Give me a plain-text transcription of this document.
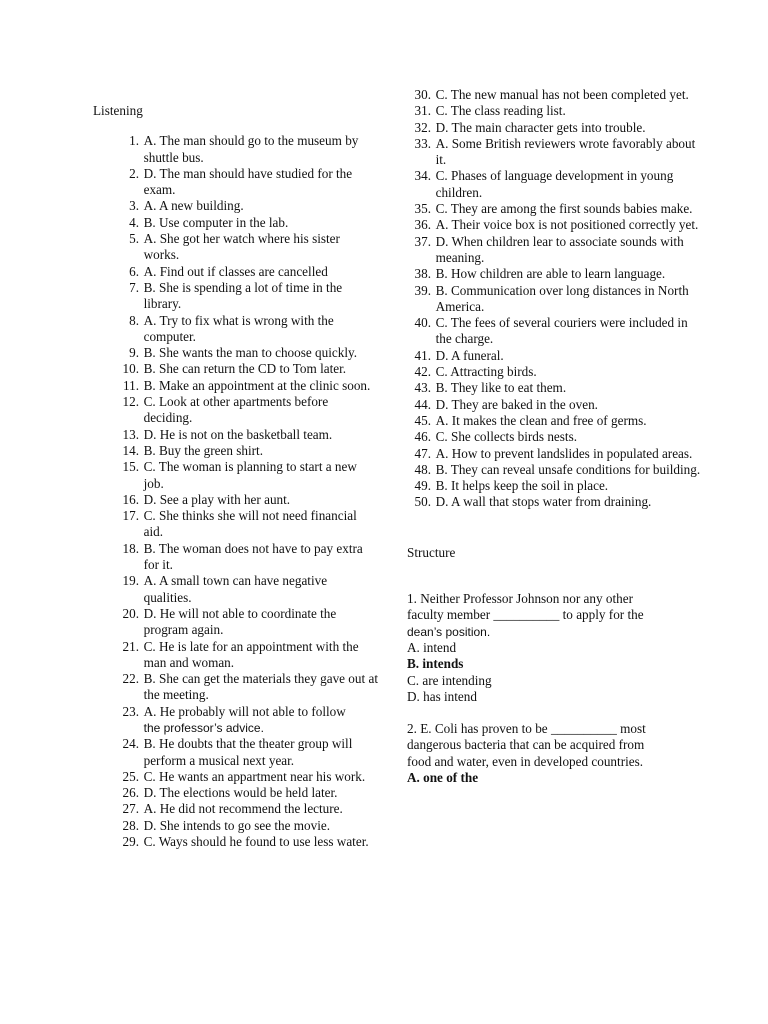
Listening

1. A. The man should go to the museum by shuttle bus.
2. D. The man should have studied for the exam.
3. A. A new building.
4. B. Use computer in the lab.
5. A. She got her watch where his sister works.
6. A. Find out if classes are cancelled
7. B. She is spending a lot of time in the library.
8. A. Try to fix what is wrong with the computer.
9. B. She wants the man to choose quickly.
10. B. She can return the CD to Tom later.
11. B. Make an appointment at the clinic soon.
12. C. Look at other apartments before deciding.
13. D. He is not on the basketball team.
14. B. Buy the green shirt.
15. C. The woman is planning to start a new job.
16. D. See a play with her aunt.
17. C. She thinks she will not need financial aid.
18. B. The woman does not have to pay extra for it.
19. A. A small town can have negative qualities.
20. D. He will not able to coordinate the program again.
21. C. He is late for an appointment with the man and woman.
22. B. She can get the materials they gave out at the meeting.
23. A. He probably will not able to follow
the professor’s advice.
24. B. He doubts that the theater group will perform a musical next year.
25. C. He wants an appartment near his work.
26. D. The elections would be held later.
27. A. He did not recommend the lecture.
28. D. She intends to go see the movie.
29. C. Ways should he found to use less water.
30. C. The new manual has not been completed yet.
31. C. The class reading list.
32. D. The main character gets into trouble.
33. A. Some British reviewers wrote favorably about it.
34. C. Phases of language development in young children.
35. C. They are among the first sounds babies make.
36. A. Their voice box is not positioned correctly yet.
37. D. When children lear to associate sounds with meaning.
38. B. How children are able to learn language.
39. B. Communication over long distances in North America.
40. C. The fees of several couriers were included in the charge.
41. D. A funeral.
42. C. Attracting birds.
43. B. They like to eat them.
44. D. They are baked in the oven.
45. A. It makes the clean and free of germs.
46. C. She collects birds nests.
47. A. How to prevent landslides in populated areas.
48. B. They can reveal unsafe conditions for building.
49. B. It helps keep the soil in place.
50. D. A wall that stops water from draining.

Structure

1. Neither Professor Johnson nor any other
faculty member __________ to apply for the
dean’s position.
A. intend
B. intends
C. are intending
D. has intend
2. E. Coli has proven to be __________ most
dangerous bacteria that can be acquired from
food and water, even in developed countries.
A. one of the
